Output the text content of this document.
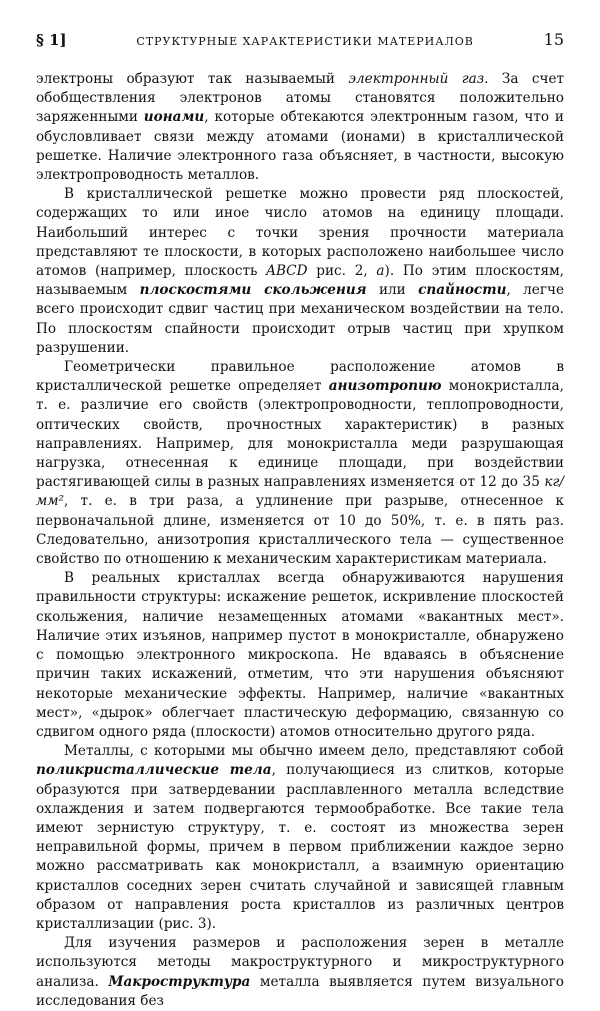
§ 1]	СТРУКТУРНЫЕ ХАРАКТЕРИСТИКИ МАТЕРИАЛОВ	15

электроны образуют так называемый электронный газ. За счет обобществления электронов атомы становятся положительно заряженными ионами, которые обтекаются электронным газом, что и обусловливает связи между атомами (ионами) в кристаллической решетке. Наличие электронного газа объясняет, в частности, высокую электропроводность металлов.

В кристаллической решетке можно провести ряд плоскостей, содержащих то или иное число атомов на единицу площади. Наибольший интерес с точки зрения прочности материала представляют те плоскости, в которых расположено наибольшее число атомов (например, плоскость ABCD рис. 2, а). По этим плоскостям, называемым плоскостями скольжения или спайности, легче всего происходит сдвиг частиц при механическом воздействии на тело. По плоскостям спайности происходит отрыв частиц при хрупком разрушении.

Геометрически правильное расположение атомов в кристаллической решетке определяет анизотропию монокристалла, т. е. различие его свойств (электропроводности, теплопроводности, оптических свойств, прочностных характеристик) в разных направлениях. Например, для монокристалла меди разрушающая нагрузка, отнесенная к единице площади, при воздействии растягивающей силы в разных направлениях изменяется от 12 до 35 кг/мм², т. е. в три раза, а удлинение при разрыве, отнесенное к первоначальной длине, изменяется от 10 до 50%, т. е. в пять раз. Следовательно, анизотропия кристаллического тела — существенное свойство по отношению к механическим характеристикам материала.

В реальных кристаллах всегда обнаруживаются нарушения правильности структуры: искажение решеток, искривление плоскостей скольжения, наличие незамещенных атомами «вакантных мест». Наличие этих изъянов, например пустот в монокристалле, обнаружено с помощью электронного микроскопа. Не вдаваясь в объяснение причин таких искажений, отметим, что эти нарушения объясняют некоторые механические эффекты. Например, наличие «вакантных мест», «дырок» облегчает пластическую деформацию, связанную со сдвигом одного ряда (плоскости) атомов относительно другого ряда.

Металлы, с которыми мы обычно имеем дело, представляют собой поликристаллические тела, получающиеся из слитков, которые образуются при затвердевании расплавленного металла вследствие охлаждения и затем подвергаются термообработке. Все такие тела имеют зернистую структуру, т. е. состоят из множества зерен неправильной формы, причем в первом приближении каждое зерно можно рассматривать как монокристалл, а взаимную ориентацию кристаллов соседних зерен считать случайной и зависящей главным образом от направления роста кристаллов из различных центров кристаллизации (рис. 3).

Для изучения размеров и расположения зерен в металле используются методы макроструктурного и микроструктурного анализа. Макроструктура металла выявляется путем визуального исследования без
